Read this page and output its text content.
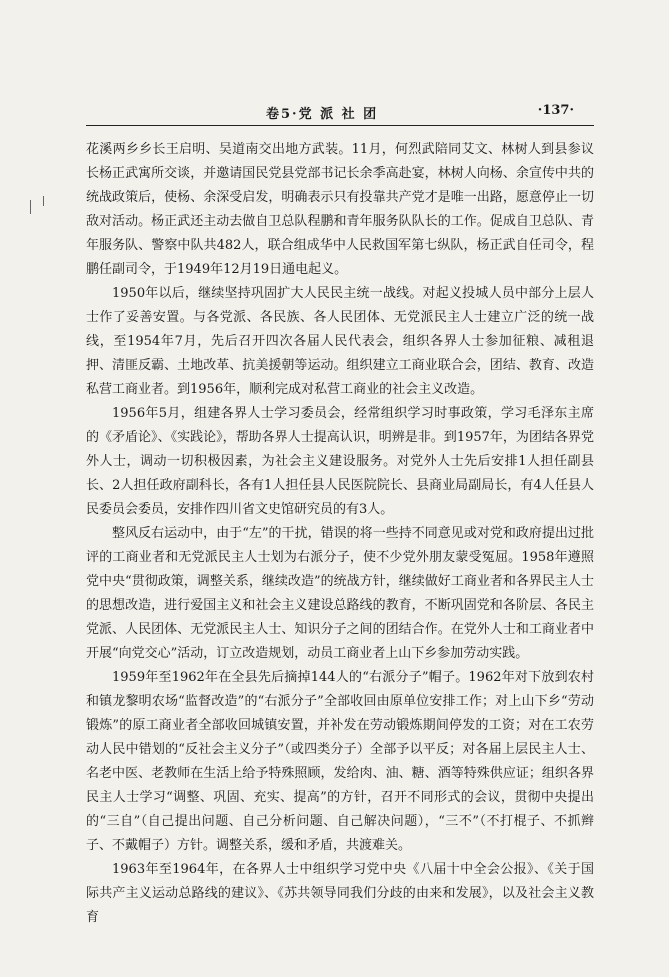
卷5·党 派 社 团	·137·

花溪两乡乡长王启明、吴道南交出地方武装。11月，何烈武陪同艾文、林树人到县参议长杨正武寓所交谈，并邀请国民党县党部书记长余季高赴宴，林树人向杨、余宣传中共的统战政策后，使杨、余深受启发，明确表示只有投靠共产党才是唯一出路，愿意停止一切敌对活动。杨正武还主动去做自卫总队程鹏和青年服务队队长的工作。促成自卫总队、青年服务队、警察中队共482人，联合组成华中人民救国军第七纵队，杨正武自任司令，程鹏任副司令，于1949年12月19日通电起义。

1950年以后，继续坚持巩固扩大人民民主统一战线。对起义投城人员中部分上层人士作了妥善安置。与各党派、各民族、各人民团体、无党派民主人士建立广泛的统一战线，至1954年7月，先后召开四次各届人民代表会，组织各界人士参加征粮、减租退押、清匪反霸、土地改革、抗美援朝等运动。组织建立工商业联合会，团结、教育、改造私营工商业者。到1956年，顺利完成对私营工商业的社会主义改造。

1956年5月，组建各界人士学习委员会，经常组织学习时事政策，学习毛泽东主席的《矛盾论》、《实践论》，帮助各界人士提高认识，明辨是非。到1957年，为团结各界党外人士，调动一切积极因素，为社会主义建设服务。对党外人士先后安排1人担任副县长、2人担任政府副科长，各有1人担任县人民医院院长、县商业局副局长，有4人任县人民委员会委员，安排作四川省文史馆研究员的有3人。

整风反右运动中，由于“左”的干扰，错误的将一些持不同意见或对党和政府提出过批评的工商业者和无党派民主人士划为右派分子，使不少党外朋友蒙受冤屈。1958年遵照党中央“贯彻政策，调整关系，继续改造”的统战方针，继续做好工商业者和各界民主人士的思想改造，进行爱国主义和社会主义建设总路线的教育，不断巩固党和各阶层、各民主党派、人民团体、无党派民主人士、知识分子之间的团结合作。在党外人士和工商业者中开展“向党交心”活动，订立改造规划，动员工商业者上山下乡参加劳动实践。

1959年至1962年在全县先后摘掉144人的“右派分子”帽子。1962年对下放到农村和镇龙黎明农场“监督改造”的“右派分子”全部收回由原单位安排工作；对上山下乡“劳动锻炼”的原工商业者全部收回城镇安置，并补发在劳动锻炼期间停发的工资；对在工农劳动人民中错划的“反社会主义分子”（或四类分子）全部予以平反；对各届上层民主人士、名老中医、老教师在生活上给予特殊照顾，发给肉、油、糖、酒等特殊供应证；组织各界民主人士学习“调整、巩固、充实、提高”的方针，召开不同形式的会议，贯彻中央提出的“三自”（自己提出问题、自己分析问题、自己解决问题），“三不”（不打棍子、不抓辫子、不戴帽子）方针。调整关系，缓和矛盾，共渡难关。

1963年至1964年，在各界人士中组织学习党中央《八届十中全会公报》、《关于国际共产主义运动总路线的建议》、《苏共领导同我们分歧的由来和发展》，以及社会主义教育
